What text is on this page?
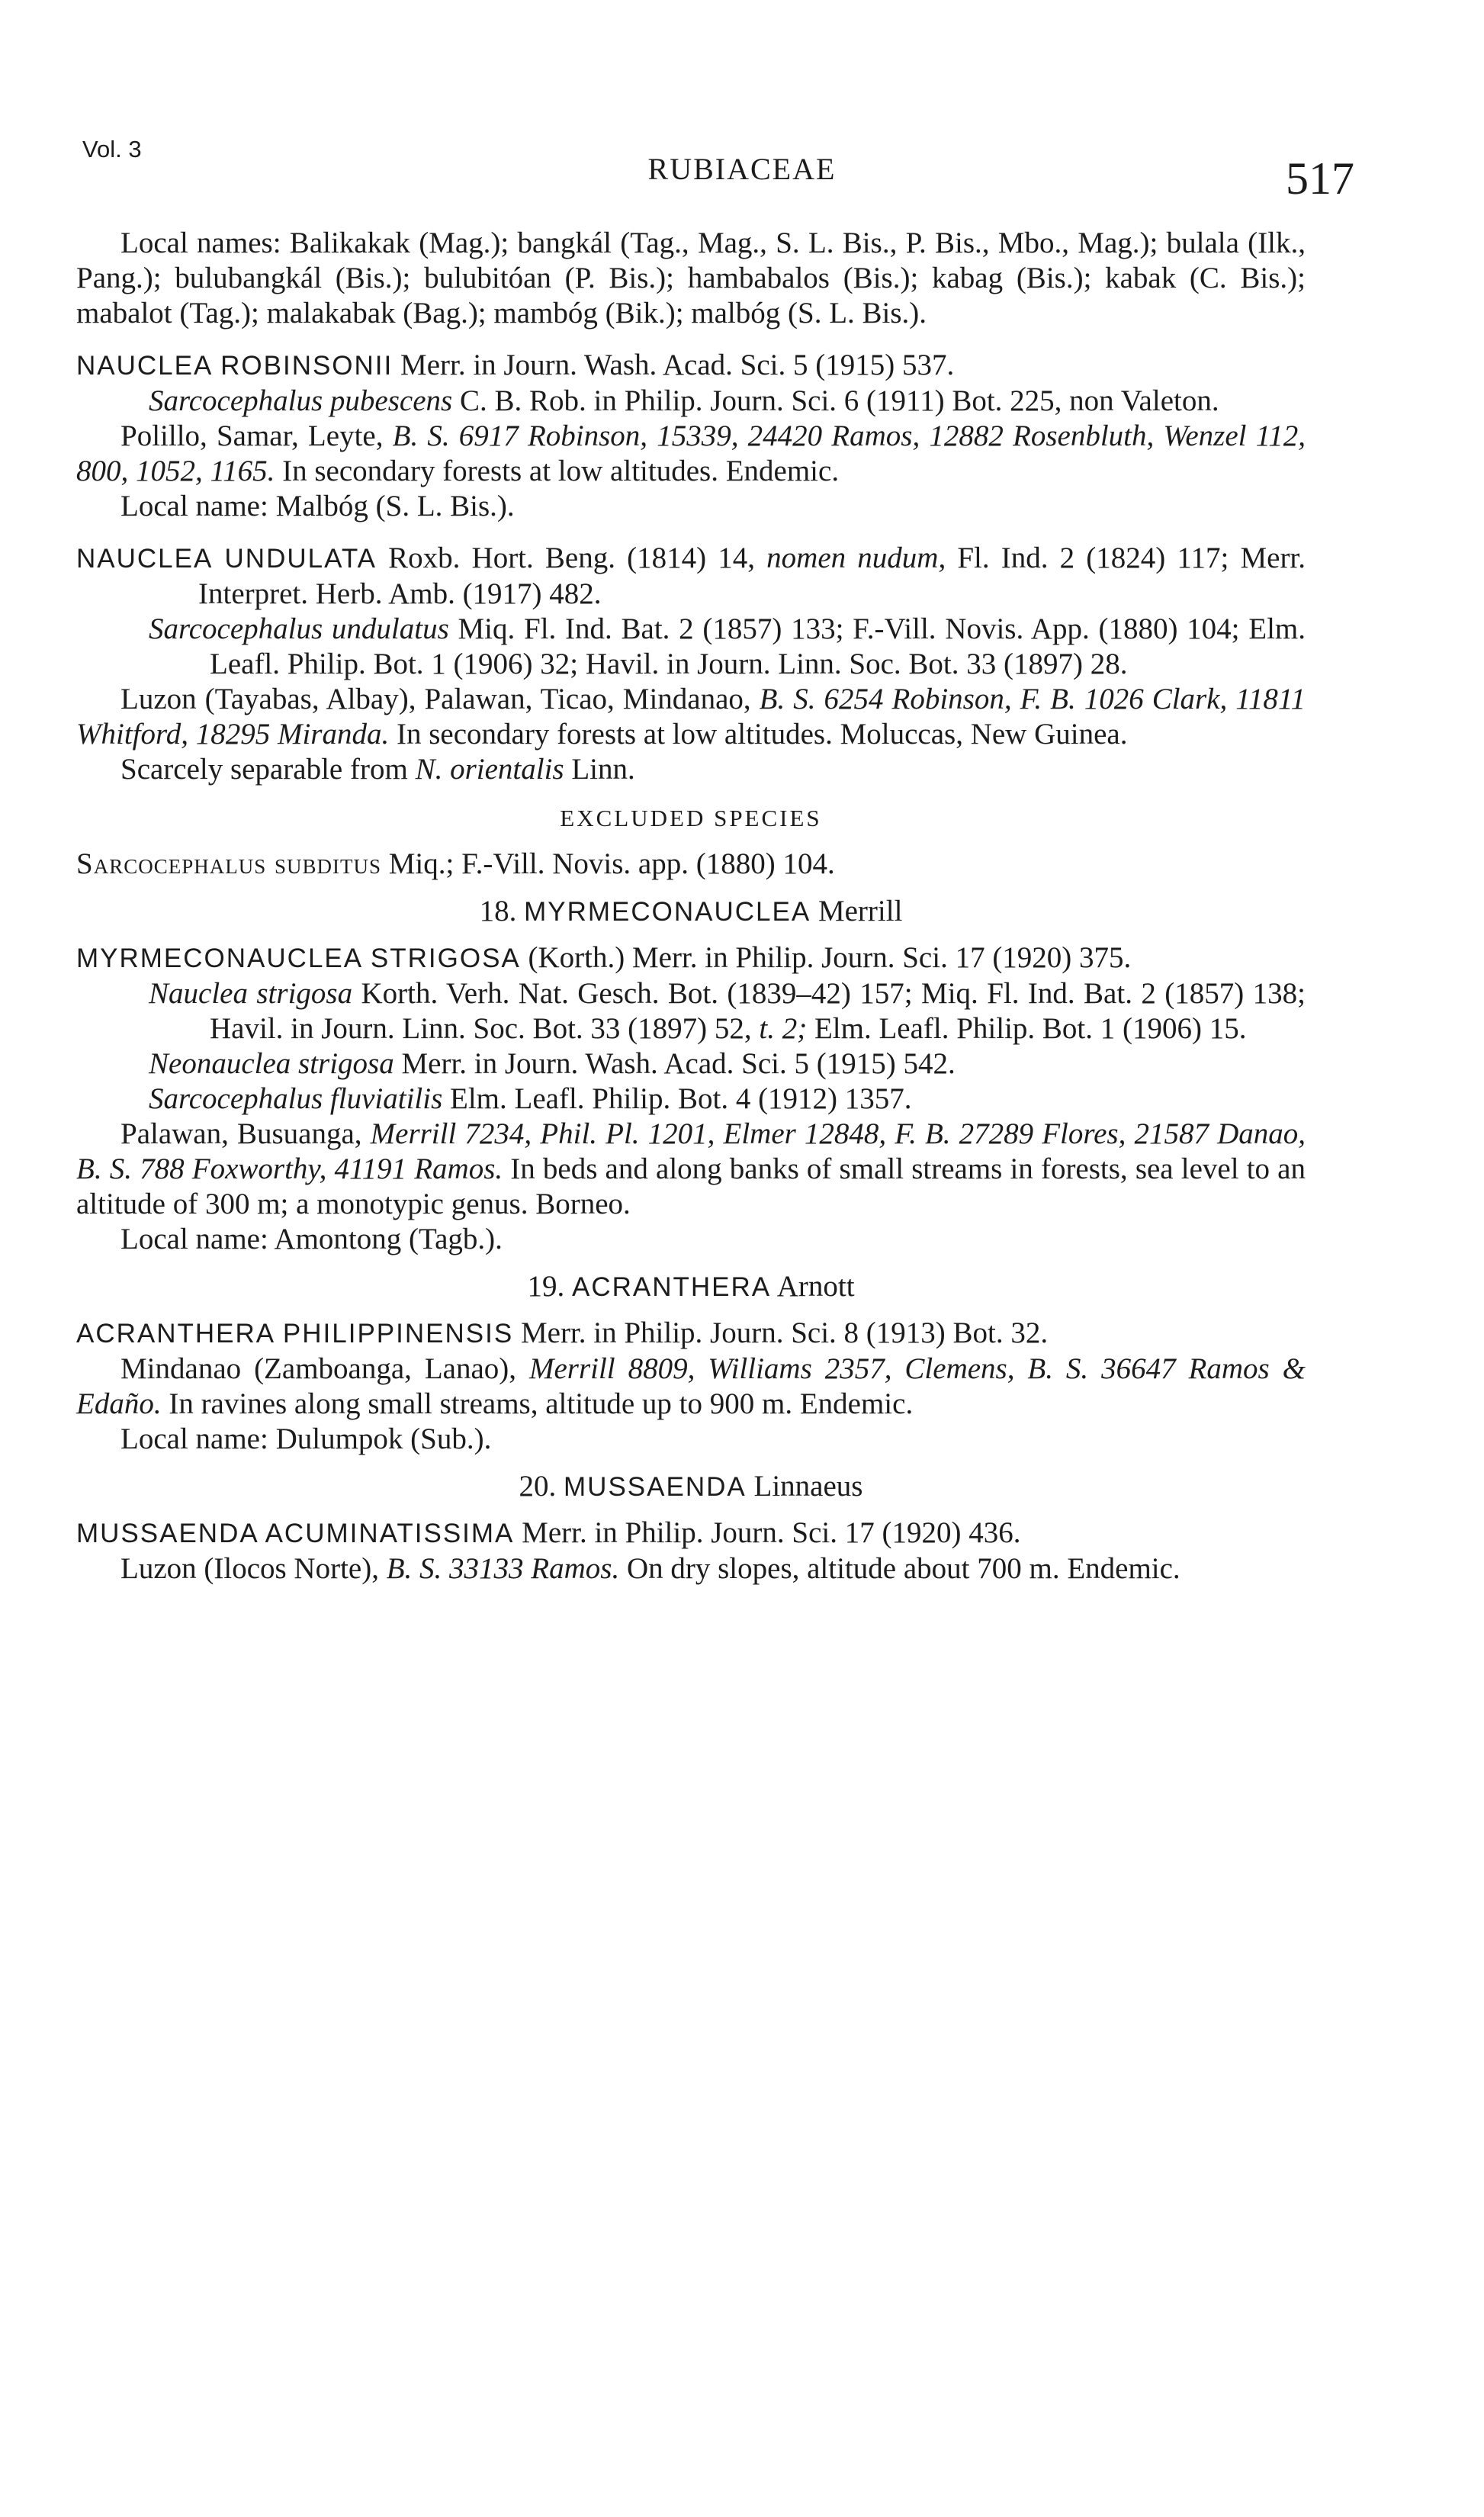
Vol. 3
RUBIACEAE	517

Local names: Balikakak (Mag.); bangkál (Tag., Mag., S. L. Bis., P. Bis., Mbo., Mag.); bulala (Ilk., Pang.); bulubangkál (Bis.); bulubitóan (P. Bis.); hambabalos (Bis.); kabag (Bis.); kabak (C. Bis.); mabalot (Tag.); malakabak (Bag.); mambóg (Bik.); malbóg (S. L. Bis.).

NAUCLEA ROBINSONII Merr. in Journ. Wash. Acad. Sci. 5 (1915) 537.

Sarcocephalus pubescens C. B. Rob. in Philip. Journ. Sci. 6 (1911) Bot. 225, non Valeton.

Polillo, Samar, Leyte, B. S. 6917 Robinson, 15339, 24420 Ramos, 12882 Rosenbluth, Wenzel 112, 800, 1052, 1165. In secondary forests at low altitudes. Endemic.

Local name: Malbóg (S. L. Bis.).

NAUCLEA UNDULATA Roxb. Hort. Beng. (1814) 14, nomen nudum, Fl. Ind. 2 (1824) 117; Merr. Interpret. Herb. Amb. (1917) 482.

Sarcocephalus undulatus Miq. Fl. Ind. Bat. 2 (1857) 133; F.-Vill. Novis. App. (1880) 104; Elm. Leafl. Philip. Bot. 1 (1906) 32; Havil. in Journ. Linn. Soc. Bot. 33 (1897) 28.

Luzon (Tayabas, Albay), Palawan, Ticao, Mindanao, B. S. 6254 Robinson, F. B. 1026 Clark, 11811 Whitford, 18295 Miranda. In secondary forests at low altitudes. Moluccas, New Guinea.

Scarcely separable from N. orientalis Linn.

EXCLUDED SPECIES

Sarcocephalus subditus Miq.; F.-Vill. Novis. app. (1880) 104.

18. MYRMECONAUCLEA Merrill

MYRMECONAUCLEA STRIGOSA (Korth.) Merr. in Philip. Journ. Sci. 17 (1920) 375.

Nauclea strigosa Korth. Verh. Nat. Gesch. Bot. (1839–42) 157; Miq. Fl. Ind. Bat. 2 (1857) 138; Havil. in Journ. Linn. Soc. Bot. 33 (1897) 52, t. 2; Elm. Leafl. Philip. Bot. 1 (1906) 15.

Neonauclea strigosa Merr. in Journ. Wash. Acad. Sci. 5 (1915) 542.

Sarcocephalus fluviatilis Elm. Leafl. Philip. Bot. 4 (1912) 1357.

Palawan, Busuanga, Merrill 7234, Phil. Pl. 1201, Elmer 12848, F. B. 27289 Flores, 21587 Danao, B. S. 788 Foxworthy, 41191 Ramos. In beds and along banks of small streams in forests, sea level to an altitude of 300 m; a monotypic genus. Borneo.

Local name: Amontong (Tagb.).

19. ACRANTHERA Arnott

ACRANTHERA PHILIPPINENSIS Merr. in Philip. Journ. Sci. 8 (1913) Bot. 32.

Mindanao (Zamboanga, Lanao), Merrill 8809, Williams 2357, Clemens, B. S. 36647 Ramos & Edaño. In ravines along small streams, altitude up to 900 m. Endemic.

Local name: Dulumpok (Sub.).

20. MUSSAENDA Linnaeus

MUSSAENDA ACUMINATISSIMA Merr. in Philip. Journ. Sci. 17 (1920) 436.

Luzon (Ilocos Norte), B. S. 33133 Ramos. On dry slopes, altitude about 700 m. Endemic.
